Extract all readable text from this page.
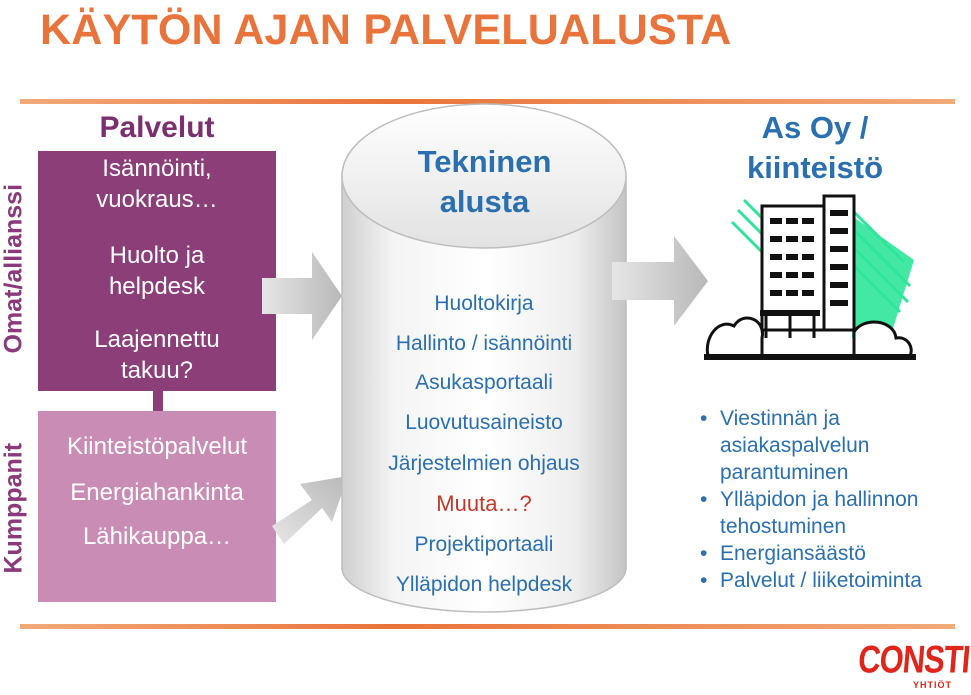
KÄYTÖN AJAN PALVELUALUSTA
Omat/allianssi
Kumppanit
Palvelut
Isännöinti,
vuokraus…
Huolto ja
helpdesk
Laajennettu
takuu?
Kiinteistöpalvelut
Energiahankinta
Lähikauppa…
Tekninen
alusta
Huoltokirja
Hallinto / isännöinti
Asukasportaali
Luovutusaineisto
Järjestelmien ohjaus
Muuta…?
Projektiportaali
Ylläpidon helpdesk
As Oy /
kiinteistö
• Viestinnän ja
asiakaspalvelun
parantuminen
• Ylläpidon ja hallinnon
tehostuminen
• Energiansäästö
• Palvelut / liiketoiminta
CONSTI
YHTIÖT
